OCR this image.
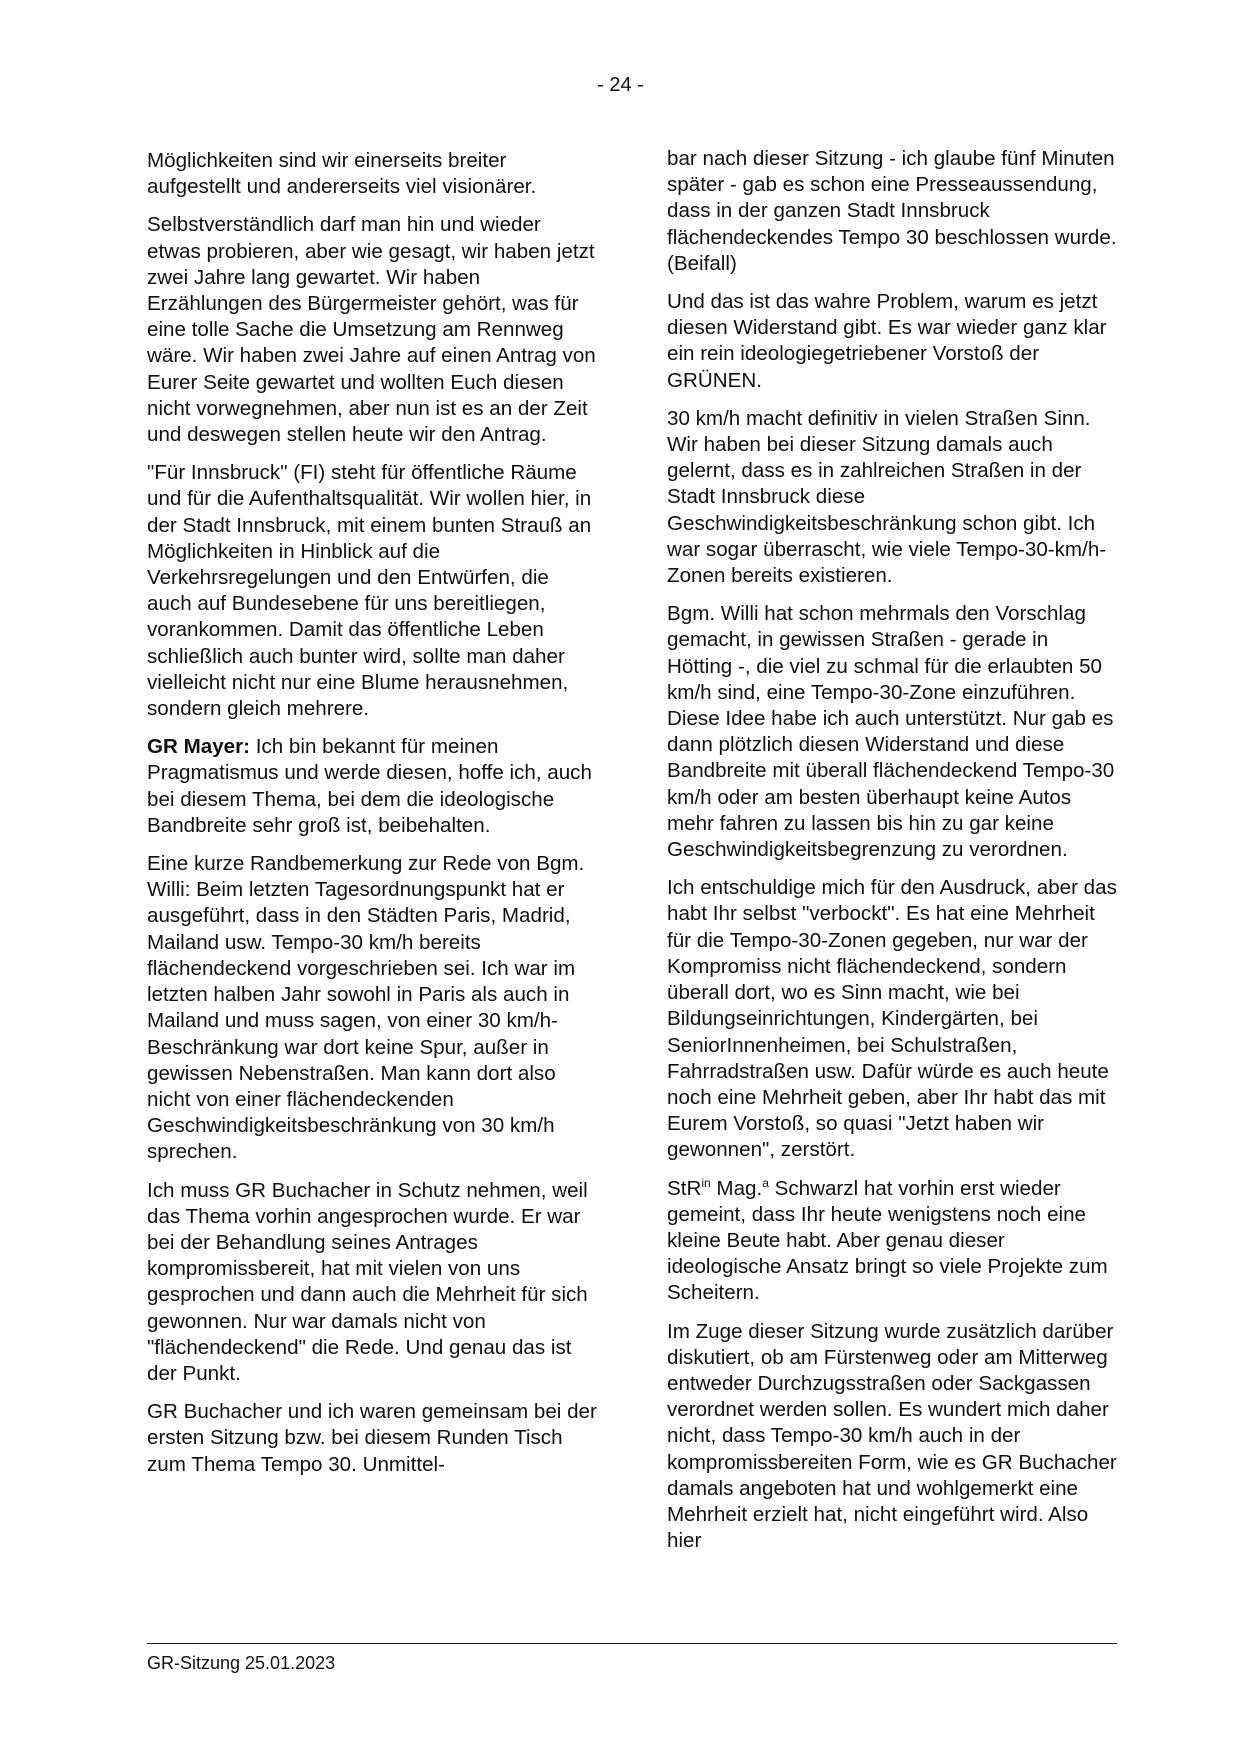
- 24 -

Möglichkeiten sind wir einerseits breiter aufgestellt und andererseits viel visionärer.

Selbstverständlich darf man hin und wieder etwas probieren, aber wie gesagt, wir haben jetzt zwei Jahre lang gewartet. Wir haben Erzählungen des Bürgermeister gehört, was für eine tolle Sache die Umsetzung am Rennweg wäre. Wir haben zwei Jahre auf einen Antrag von Eurer Seite gewartet und wollten Euch diesen nicht vorwegnehmen, aber nun ist es an der Zeit und deswegen stellen heute wir den Antrag.

"Für Innsbruck" (FI) steht für öffentliche Räume und für die Aufenthaltsqualität. Wir wollen hier, in der Stadt Innsbruck, mit einem bunten Strauß an Möglichkeiten in Hinblick auf die Verkehrsregelungen und den Entwürfen, die auch auf Bundesebene für uns bereitliegen, vorankommen. Damit das öffentliche Leben schließlich auch bunter wird, sollte man daher vielleicht nicht nur eine Blume herausnehmen, sondern gleich mehrere.

GR Mayer: Ich bin bekannt für meinen Pragmatismus und werde diesen, hoffe ich, auch bei diesem Thema, bei dem die ideologische Bandbreite sehr groß ist, beibehalten.

Eine kurze Randbemerkung zur Rede von Bgm. Willi: Beim letzten Tagesordnungspunkt hat er ausgeführt, dass in den Städten Paris, Madrid, Mailand usw. Tempo-30 km/h bereits flächendeckend vorgeschrieben sei. Ich war im letzten halben Jahr sowohl in Paris als auch in Mailand und muss sagen, von einer 30 km/h-Beschränkung war dort keine Spur, außer in gewissen Nebenstraßen. Man kann dort also nicht von einer flächendeckenden Geschwindigkeitsbeschränkung von 30 km/h sprechen.

Ich muss GR Buchacher in Schutz nehmen, weil das Thema vorhin angesprochen wurde. Er war bei der Behandlung seines Antrages kompromissbereit, hat mit vielen von uns gesprochen und dann auch die Mehrheit für sich gewonnen. Nur war damals nicht von "flächendeckend" die Rede. Und genau das ist der Punkt.

GR Buchacher und ich waren gemeinsam bei der ersten Sitzung bzw. bei diesem Runden Tisch zum Thema Tempo 30. Unmittel-

bar nach dieser Sitzung - ich glaube fünf Minuten später - gab es schon eine Presseaussendung, dass in der ganzen Stadt Innsbruck flächendeckendes Tempo 30 beschlossen wurde. (Beifall)

Und das ist das wahre Problem, warum es jetzt diesen Widerstand gibt. Es war wieder ganz klar ein rein ideologiegetriebener Vorstoß der GRÜNEN.

30 km/h macht definitiv in vielen Straßen Sinn. Wir haben bei dieser Sitzung damals auch gelernt, dass es in zahlreichen Straßen in der Stadt Innsbruck diese Geschwindigkeitsbeschränkung schon gibt. Ich war sogar überrascht, wie viele Tempo-30-km/h-Zonen bereits existieren.

Bgm. Willi hat schon mehrmals den Vorschlag gemacht, in gewissen Straßen - gerade in Hötting -, die viel zu schmal für die erlaubten 50 km/h sind, eine Tempo-30-Zone einzuführen. Diese Idee habe ich auch unterstützt. Nur gab es dann plötzlich diesen Widerstand und diese Bandbreite mit überall flächendeckend Tempo-30 km/h oder am besten überhaupt keine Autos mehr fahren zu lassen bis hin zu gar keine Geschwindigkeitsbegrenzung zu verordnen.

Ich entschuldige mich für den Ausdruck, aber das habt Ihr selbst "verbockt". Es hat eine Mehrheit für die Tempo-30-Zonen gegeben, nur war der Kompromiss nicht flächendeckend, sondern überall dort, wo es Sinn macht, wie bei Bildungseinrichtungen, Kindergärten, bei SeniorInnenheimen, bei Schulstraßen, Fahrradstraßen usw. Dafür würde es auch heute noch eine Mehrheit geben, aber Ihr habt das mit Eurem Vorstoß, so quasi "Jetzt haben wir gewonnen", zerstört.

StR$^{in}$ Mag.$^a$ Schwarzl hat vorhin erst wieder gemeint, dass Ihr heute wenigstens noch eine kleine Beute habt. Aber genau dieser ideologische Ansatz bringt so viele Projekte zum Scheitern.

Im Zuge dieser Sitzung wurde zusätzlich darüber diskutiert, ob am Fürstenweg oder am Mitterweg entweder Durchzugsstraßen oder Sackgassen verordnet werden sollen. Es wundert mich daher nicht, dass Tempo-30 km/h auch in der kompromissbereiten Form, wie es GR Buchacher damals angeboten hat und wohlgemerkt eine Mehrheit erzielt hat, nicht eingeführt wird. Also hier

GR-Sitzung 25.01.2023
